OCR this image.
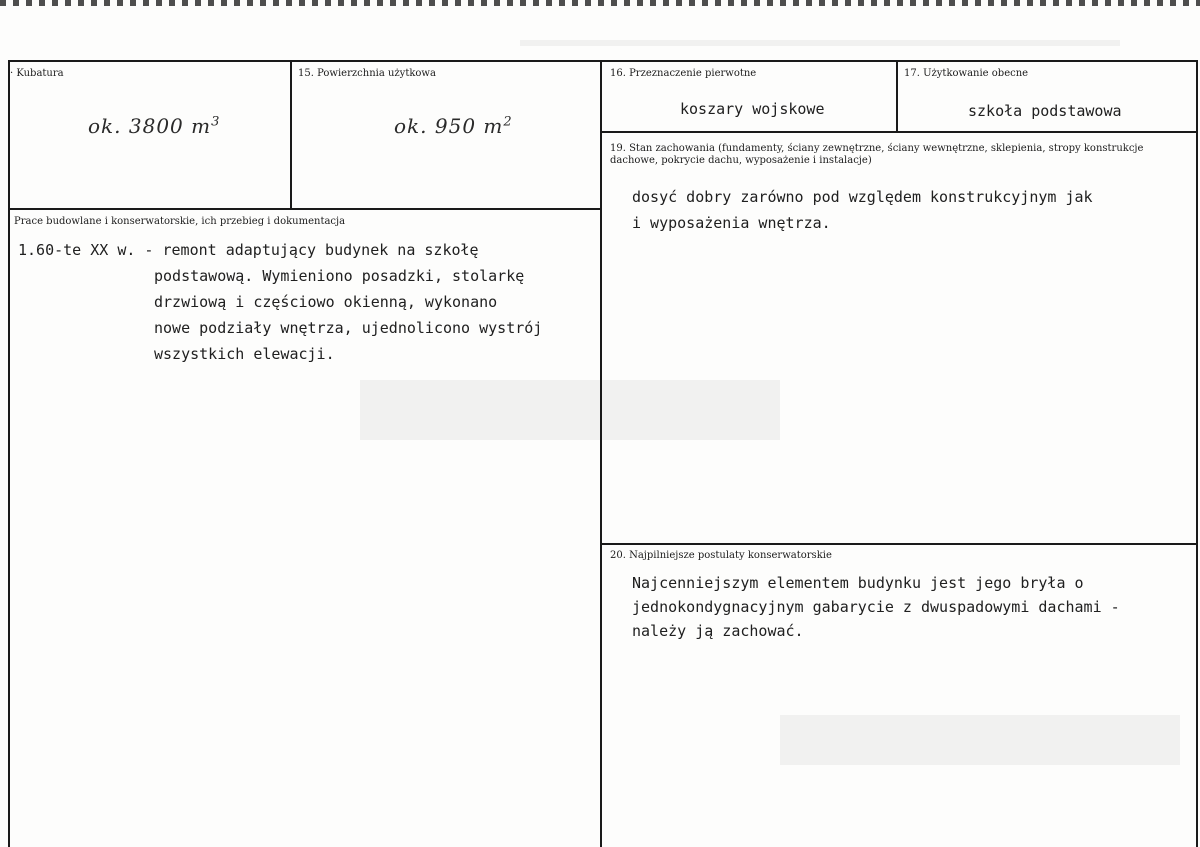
· Kubatura
ok. 3800 $m^3$
15. Powierzchnia użytkowa
ok. 950 $m^2$
16. Przeznaczenie pierwotne
koszary wojskowe
17. Użytkowanie obecne
szkoła podstawowa
19. Stan zachowania (fundamenty, ściany zewnętrzne, ściany wewnętrzne, sklepienia, stropy konstrukcje dachowe, pokrycie dachu, wyposażenie i instalacje)
dosyć dobry zarówno pod względem konstrukcyjnym jak
i wyposażenia wnętrza.
Prace budowlane i konserwatorskie, ich przebieg i dokumentacja
1.60-te XX w. - remont adaptujący budynek na szkołę
podstawową. Wymieniono posadzki, stolarkę
drzwiową i częściowo okienną, wykonano
nowe podziały wnętrza, ujednolicono wystrój
wszystkich elewacji.
20. Najpilniejsze postulaty konserwatorskie
Najcenniejszym elementem budynku jest jego bryła o
jednokondygnacyjnym gabarycie z dwuspadowymi dachami -
należy ją zachować.
